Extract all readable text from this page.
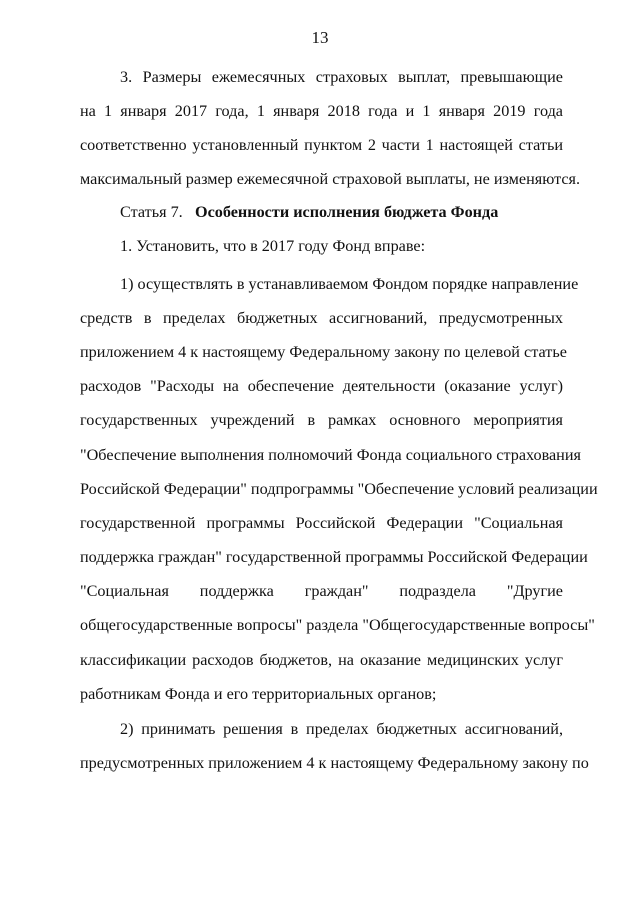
13
3. Размеры ежемесячных страховых выплат, превышающие
на 1 января 2017 года, 1 января 2018 года и 1 января 2019 года
соответственно установленный пунктом 2 части 1 настоящей статьи
максимальный размер ежемесячной страховой выплаты, не изменяются.
Статья 7. Особенности исполнения бюджета Фонда
1. Установить, что в 2017 году Фонд вправе:
1) осуществлять в устанавливаемом Фондом порядке направление
средств в пределах бюджетных ассигнований, предусмотренных
приложением 4 к настоящему Федеральному закону по целевой статье
расходов "Расходы на обеспечение деятельности (оказание услуг)
государственных учреждений в рамках основного мероприятия
"Обеспечение выполнения полномочий Фонда социального страхования
Российской Федерации" подпрограммы "Обеспечение условий реализации
государственной программы Российской Федерации "Социальная
поддержка граждан" государственной программы Российской Федерации
"Социальная поддержка граждан" подраздела "Другие
общегосударственные вопросы" раздела "Общегосударственные вопросы"
классификации расходов бюджетов, на оказание медицинских услуг
работникам Фонда и его территориальных органов;
2) принимать решения в пределах бюджетных ассигнований,
предусмотренных приложением 4 к настоящему Федеральному закону по
